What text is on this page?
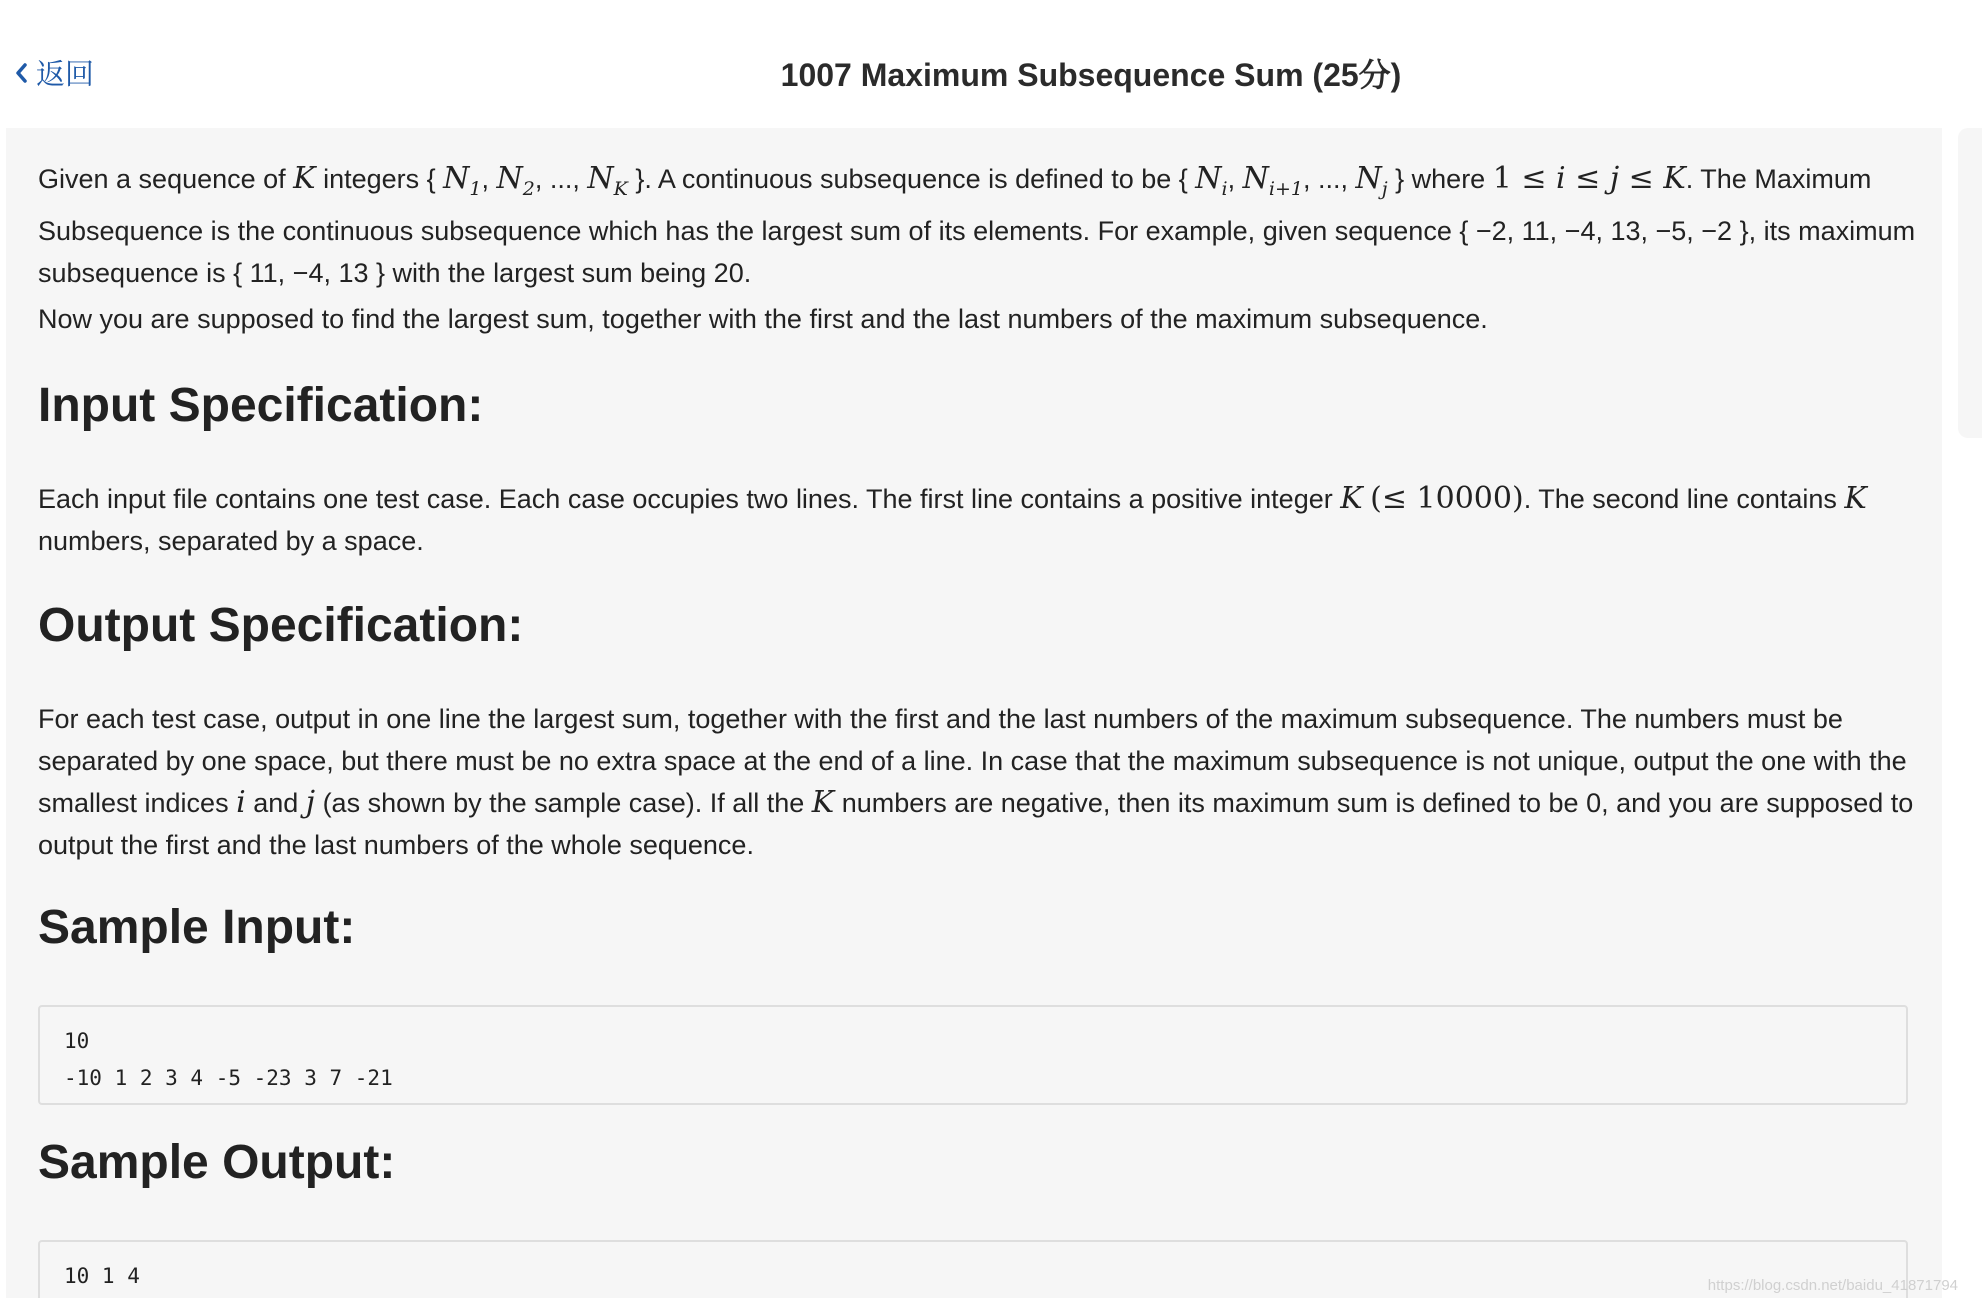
返回	1007 Maximum Subsequence Sum (25分)

Given a sequence of K integers { $N_1$, $N_2$, ..., $N_K$ }. A continuous subsequence is defined to be { $N_i$, $N_{i+1}$, ..., $N_j$ } where 1 ≤ i ≤ j ≤ K. The Maximum Subsequence is the continuous subsequence which has the largest sum of its elements. For example, given sequence { −2, 11, −4, 13, −5, −2 }, its maximum subsequence is { 11, −4, 13 } with the largest sum being 20.

Now you are supposed to find the largest sum, together with the first and the last numbers of the maximum subsequence.

Input Specification:

Each input file contains one test case. Each case occupies two lines. The first line contains a positive integer K (≤ 10000). The second line contains K numbers, separated by a space.

Output Specification:

For each test case, output in one line the largest sum, together with the first and the last numbers of the maximum subsequence. The numbers must be separated by one space, but there must be no extra space at the end of a line. In case that the maximum subsequence is not unique, output the one with the smallest indices i and j (as shown by the sample case). If all the K numbers are negative, then its maximum sum is defined to be 0, and you are supposed to output the first and the last numbers of the whole sequence.

Sample Input:
10
-10 1 2 3 4 -5 -23 3 7 -21
Sample Output:
10 1 4	https://blog.csdn.net/baidu_41871794
